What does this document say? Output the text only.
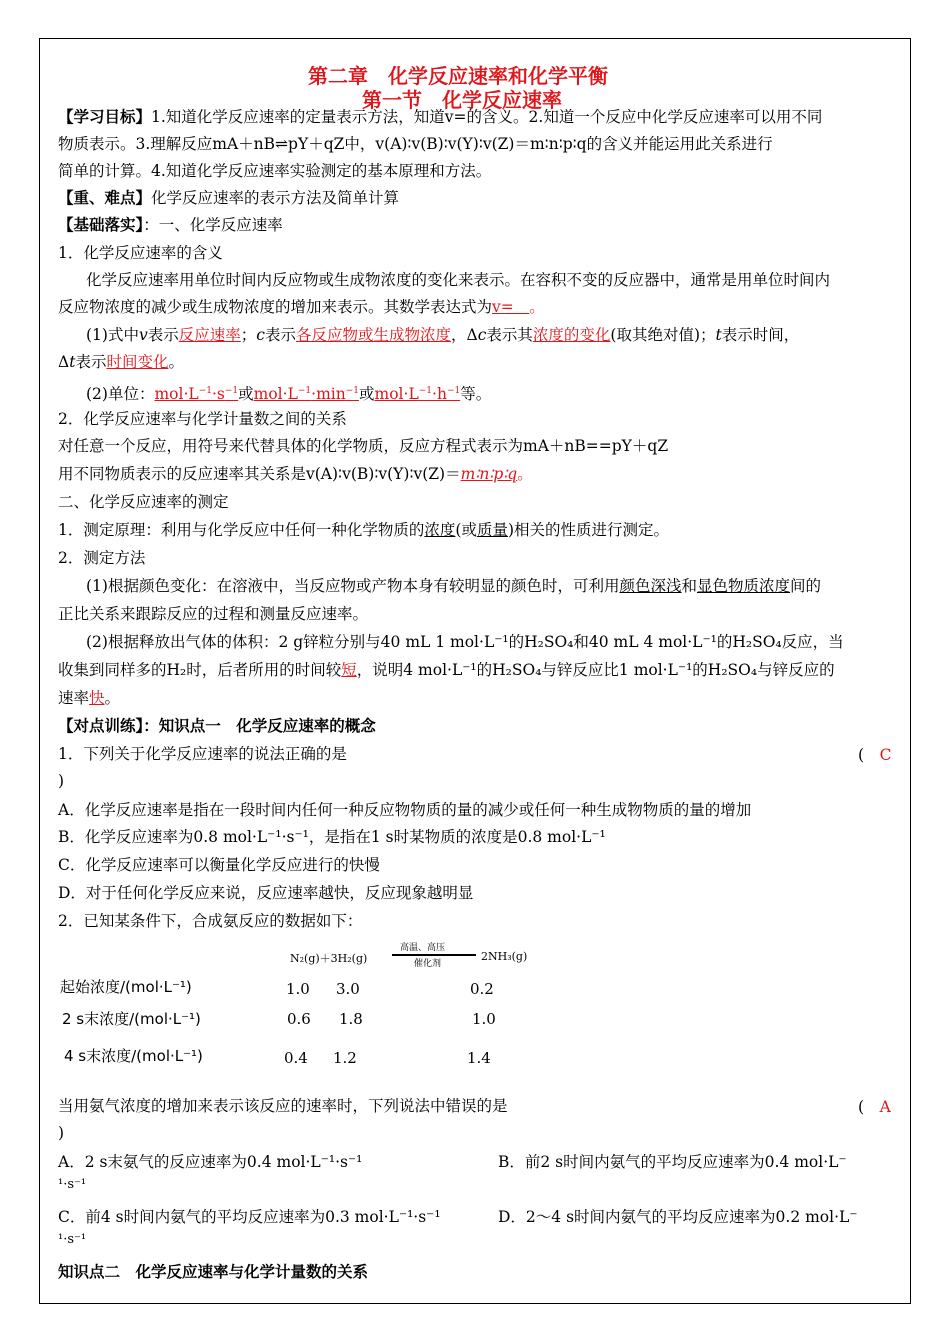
第二章　化学反应速率和化学平衡
第一节　化学反应速率
【学习目标】1.知道化学反应速率的定量表示方法，知道v=的含义。2.知道一个反应中化学反应速率可以用不同
物质表示。3.理解反应mA＋nB⇌pY＋qZ中，v(A)∶v(B)∶v(Y)∶v(Z)＝m∶n∶p∶q的含义并能运用此关系进行
简单的计算。4.知道化学反应速率实验测定的基本原理和方法。
【重、难点】化学反应速率的表示方法及简单计算
【基础落实】：一、化学反应速率
1．化学反应速率的含义
化学反应速率用单位时间内反应物或生成物浓度的变化来表示。在容积不变的反应器中，通常是用单位时间内
反应物浓度的减少或生成物浓度的增加来表示。其数学表达式为v=　。
(1)式中v表示反应速率；c表示各反应物或生成物浓度，Δc表示其浓度的变化(取其绝对值)；t表示时间，
Δt表示时间变化。
(2)单位：$mol\cdot L^{-1}\cdot s^{-1}$或$mol\cdot L^{-1}\cdot\min^{-1}$或$mol\cdot L^{-1}\cdot h^{-1}$等。
2．化学反应速率与化学计量数之间的关系
对任意一个反应，用符号来代替具体的化学物质，反应方程式表示为mA＋nB==pY＋qZ
用不同物质表示的反应速率其关系是v(A)∶v(B)∶v(Y)∶v(Z)＝m∶n∶p∶q。
二、化学反应速率的测定
1．测定原理：利用与化学反应中任何一种化学物质的浓度(或质量)相关的性质进行测定。
2．测定方法
(1)根据颜色变化：在溶液中，当反应物或产物本身有较明显的颜色时，可利用颜色深浅和显色物质浓度间的
正比关系来跟踪反应的过程和测量反应速率。
(2)根据释放出气体的体积：2 g锌粒分别与40 mL 1 mol·L⁻¹的H₂SO₄和40 mL 4 mol·L⁻¹的H₂SO₄反应，当
收集到同样多的H₂时，后者所用的时间较短，说明4 mol·L⁻¹的H₂SO₄与锌反应比1 mol·L⁻¹的H₂SO₄与锌反应的
速率快。
【对点训练】：知识点一　化学反应速率的概念
1．下列关于化学反应速率的说法正确的是	(　C
)
A．化学反应速率是指在一段时间内任何一种反应物物质的量的减少或任何一种生成物物质的量的增加
B．化学反应速率为0.8 mol·L⁻¹·s⁻¹，是指在1 s时某物质的浓度是0.8 mol·L⁻¹
C．化学反应速率可以衡量化学反应进行的快慢
D．对于任何化学反应来说，反应速率越快，反应现象越明显
2．已知某条件下，合成氨反应的数据如下：
N₂(g)＋3H₂(g)
高温、高压
催化剂
2NH₃(g)
起始浓度/(mol·L⁻¹)	1.0 3.0	0.2
2 s末浓度/(mol·L⁻¹)	0.6 1.8	1.0
4 s末浓度/(mol·L⁻¹)	0.4 1.2	1.4
当用氨气浓度的增加来表示该反应的速率时，下列说法中错误的是	(　A
)
A．2 s末氨气的反应速率为0.4 mol·L⁻¹·s⁻¹	B．前2 s时间内氨气的平均反应速率为0.4 mol·L⁻
¹·s⁻¹
C．前4 s时间内氨气的平均反应速率为0.3 mol·L⁻¹·s⁻¹	D．2～4 s时间内氨气的平均反应速率为0.2 mol·L⁻
¹·s⁻¹
知识点二　化学反应速率与化学计量数的关系
